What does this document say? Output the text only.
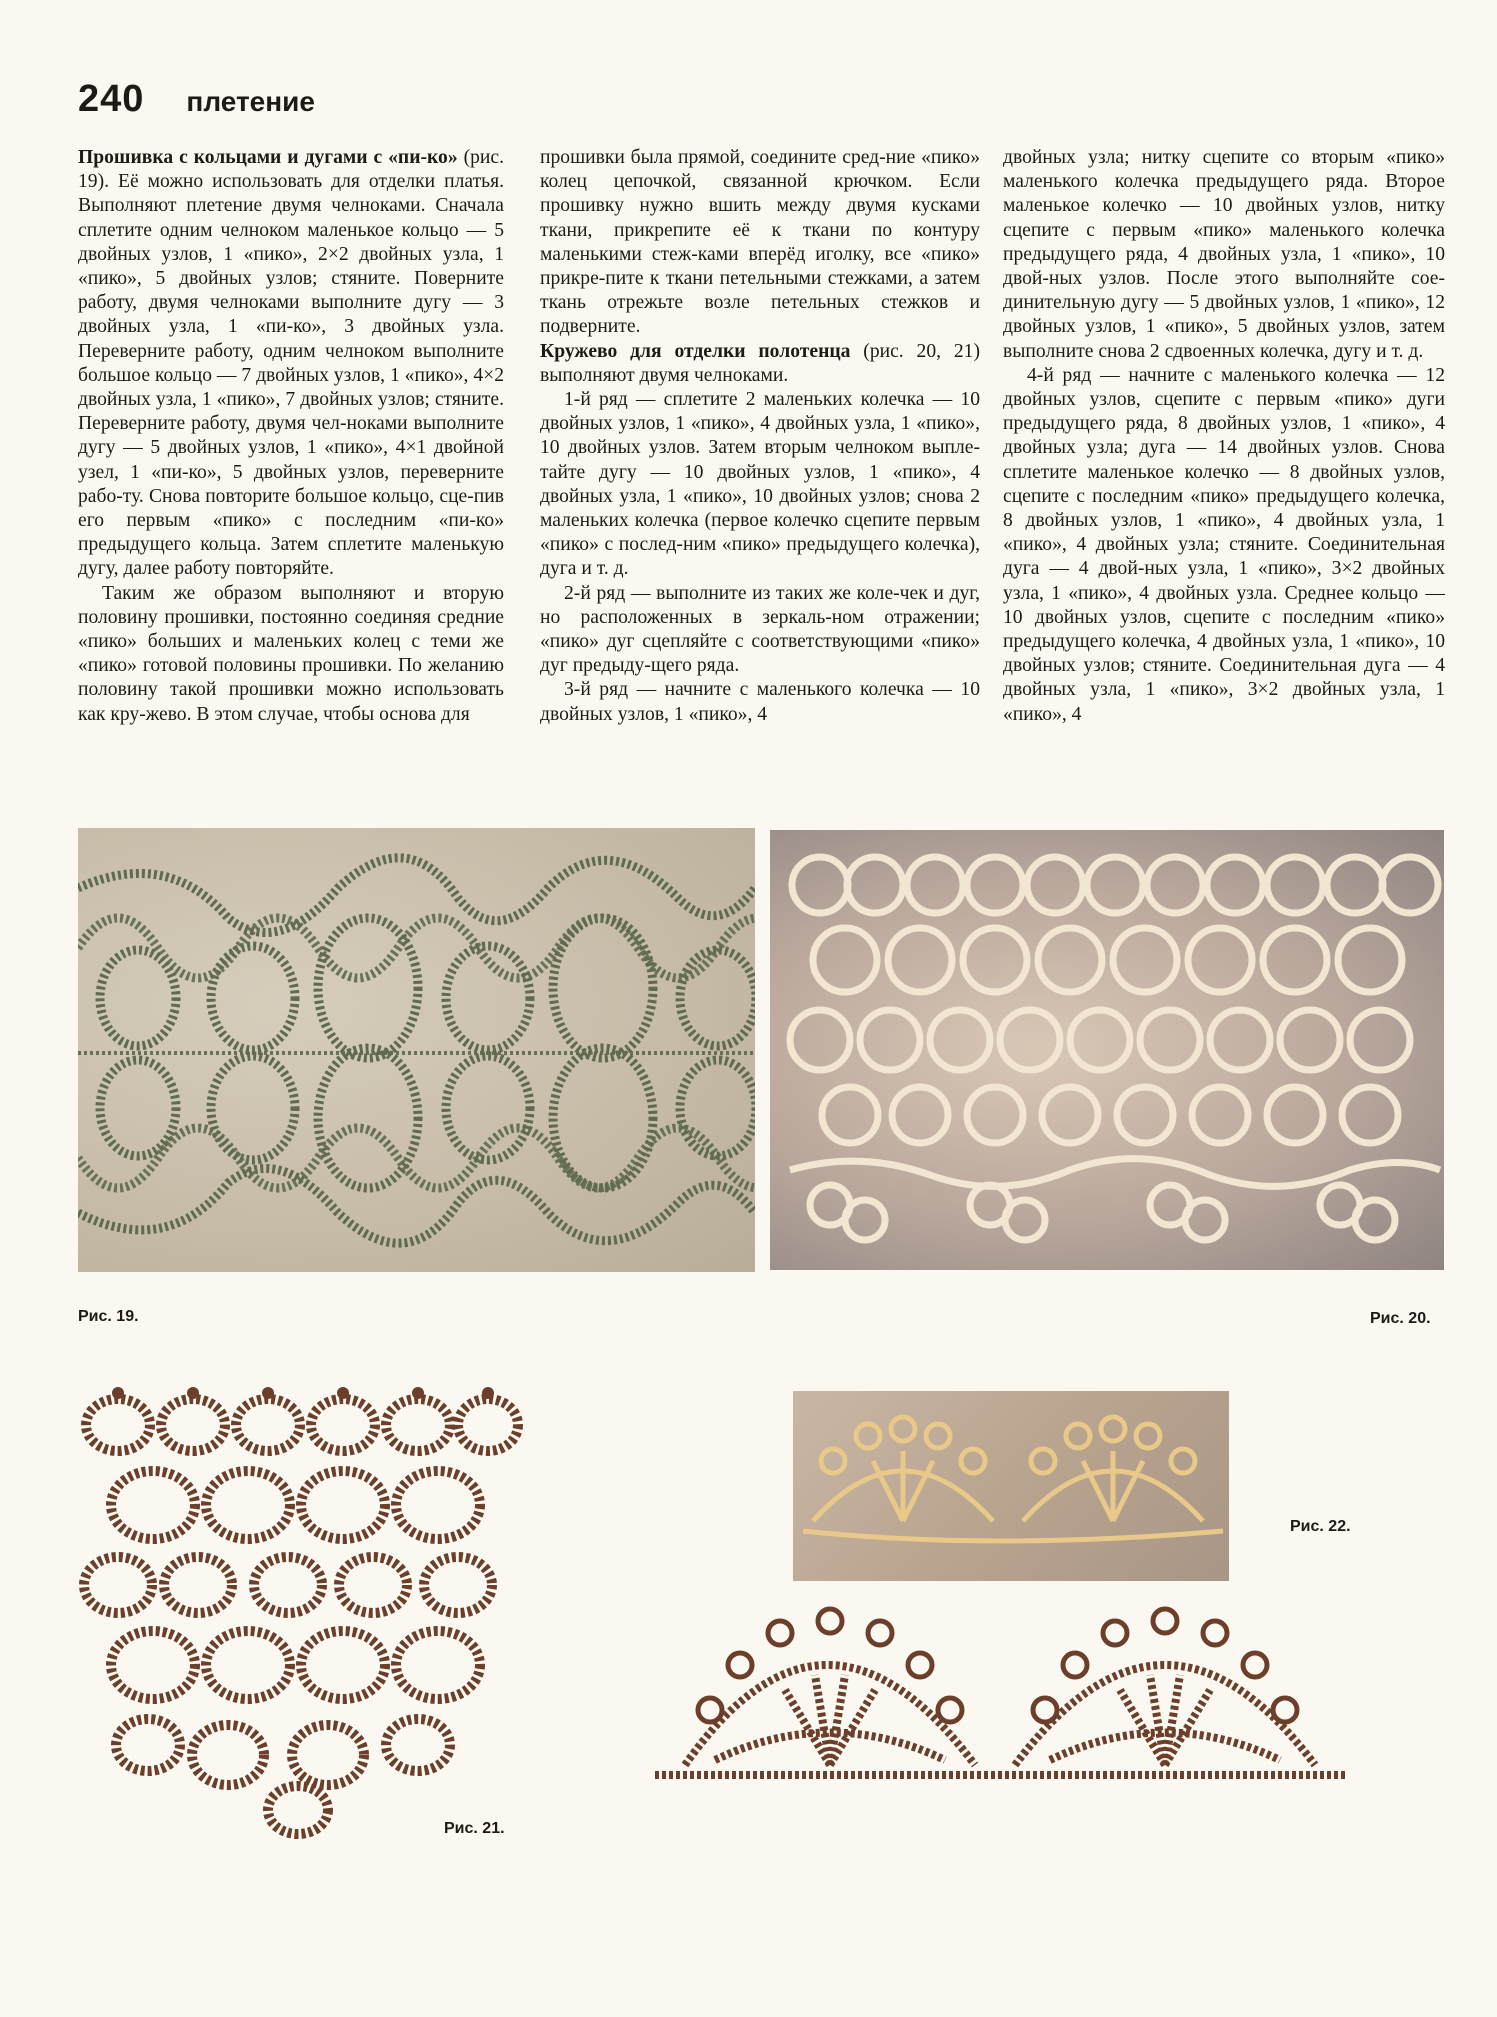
240 плетение

Прошивка с кольцами и дугами с «пи-ко» (рис. 19). Её можно использовать для отделки платья. Выполняют плетение двумя челноками. Сначала сплетите одним челноком маленькое кольцо — 5 двойных узлов, 1 «пико», 2×2 двойных узла, 1 «пико», 5 двойных узлов; стяните. Поверните работу, двумя челноками выполните дугу — 3 двойных узла, 1 «пи-ко», 3 двойных узла. Переверните работу, одним челноком выполните большое кольцо — 7 двойных узлов, 1 «пико», 4×2 двойных узла, 1 «пико», 7 двойных узлов; стяните. Переверните работу, двумя чел-ноками выполните дугу — 5 двойных узлов, 1 «пико», 4×1 двойной узел, 1 «пи-ко», 5 двойных узлов, переверните рабо-ту. Снова повторите большое кольцо, сце-пив его первым «пико» с последним «пи-ко» предыдущего кольца. Затем сплетите маленькую дугу, далее работу повторяйте.

Таким же образом выполняют и вторую половину прошивки, постоянно соединяя средние «пико» больших и маленьких колец с теми же «пико» готовой половины прошивки. По желанию половину такой прошивки можно использовать как кру-жево. В этом случае, чтобы основа для

прошивки была прямой, соедините сред-ние «пико» колец цепочкой, связанной крючком. Если прошивку нужно вшить между двумя кусками ткани, прикрепите её к ткани по контуру маленькими стеж-ками вперёд иголку, все «пико» прикре-пите к ткани петельными стежками, а затем ткань отрежьте возле петельных стежков и подверните.

Кружево для отделки полотенца (рис. 20, 21) выполняют двумя челноками.

1-й ряд — сплетите 2 маленьких колечка — 10 двойных узлов, 1 «пико», 4 двойных узла, 1 «пико», 10 двойных узлов. Затем вторым челноком выпле-тайте дугу — 10 двойных узлов, 1 «пико», 4 двойных узла, 1 «пико», 10 двойных узлов; снова 2 маленьких колечка (первое колечко сцепите первым «пико» с послед-ним «пико» предыдущего колечка), дуга и т. д.

2-й ряд — выполните из таких же коле-чек и дуг, но расположенных в зеркаль-ном отражении; «пико» дуг сцепляйте с соответствующими «пико» дуг предыду-щего ряда.

3-й ряд — начните с маленького колечка — 10 двойных узлов, 1 «пико», 4

двойных узла; нитку сцепите со вторым «пико» маленького колечка предыдущего ряда. Второе маленькое колечко — 10 двойных узлов, нитку сцепите с первым «пико» маленького колечка предыдущего ряда, 4 двойных узла, 1 «пико», 10 двой-ных узлов. После этого выполняйте сое-динительную дугу — 5 двойных узлов, 1 «пико», 12 двойных узлов, 1 «пико», 5 двойных узлов, затем выполните снова 2 сдвоенных колечка, дугу и т. д.

4-й ряд — начните с маленького колечка — 12 двойных узлов, сцепите с первым «пико» дуги предыдущего ряда, 8 двойных узлов, 1 «пико», 4 двойных узла; дуга — 14 двойных узлов. Снова сплетите маленькое колечко — 8 двойных узлов, сцепите с последним «пико» предыдущего колечка, 8 двойных узлов, 1 «пико», 4 двойных узла, 1 «пико», 4 двойных узла; стяните. Соединительная дуга — 4 двой-ных узла, 1 «пико», 3×2 двойных узла, 1 «пико», 4 двойных узла. Среднее кольцо — 10 двойных узлов, сцепите с последним «пико» предыдущего колечка, 4 двойных узла, 1 «пико», 10 двойных узлов; стяните. Соединительная дуга — 4 двойных узла, 1 «пико», 3×2 двойных узла, 1 «пико», 4

Рис. 19.	Рис. 20.
Рис. 21.
Рис. 22.
